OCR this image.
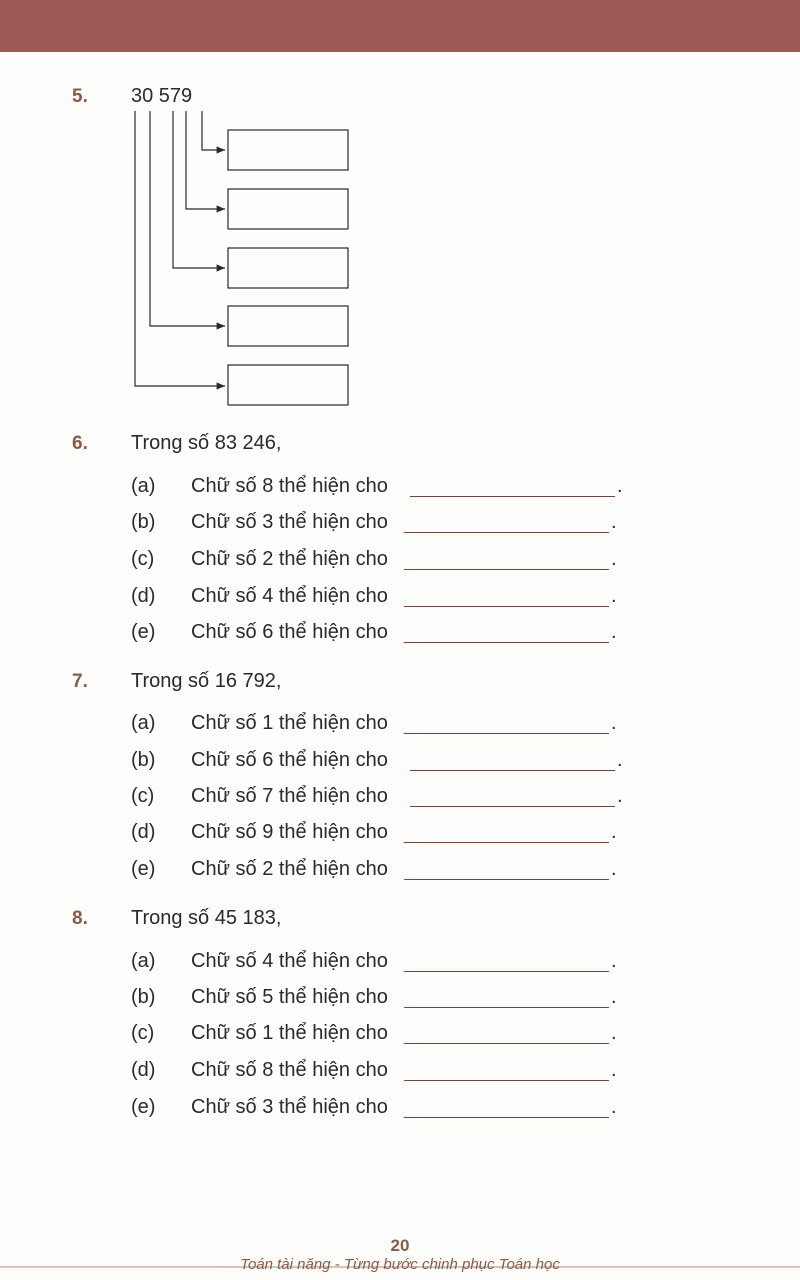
5. 30 579
6. Trong số 83 246,
(a) Chữ số 8 thể hiện cho	.
(b) Chữ số 3 thể hiện cho	.
(c) Chữ số 2 thể hiện cho	.
(d) Chữ số 4 thể hiện cho	.
(e) Chữ số 6 thể hiện cho	.
7. Trong số 16 792,
(a) Chữ số 1 thể hiện cho	.
(b) Chữ số 6 thể hiện cho	.
(c) Chữ số 7 thể hiện cho	.
(d) Chữ số 9 thể hiện cho	.
(e) Chữ số 2 thể hiện cho	.
8. Trong số 45 183,
(a) Chữ số 4 thể hiện cho	.
(b) Chữ số 5 thể hiện cho	.
(c) Chữ số 1 thể hiện cho	.
(d) Chữ số 8 thể hiện cho	.
(e) Chữ số 3 thể hiện cho	.
20
Toán tài năng - Từng bước chinh phục Toán học
